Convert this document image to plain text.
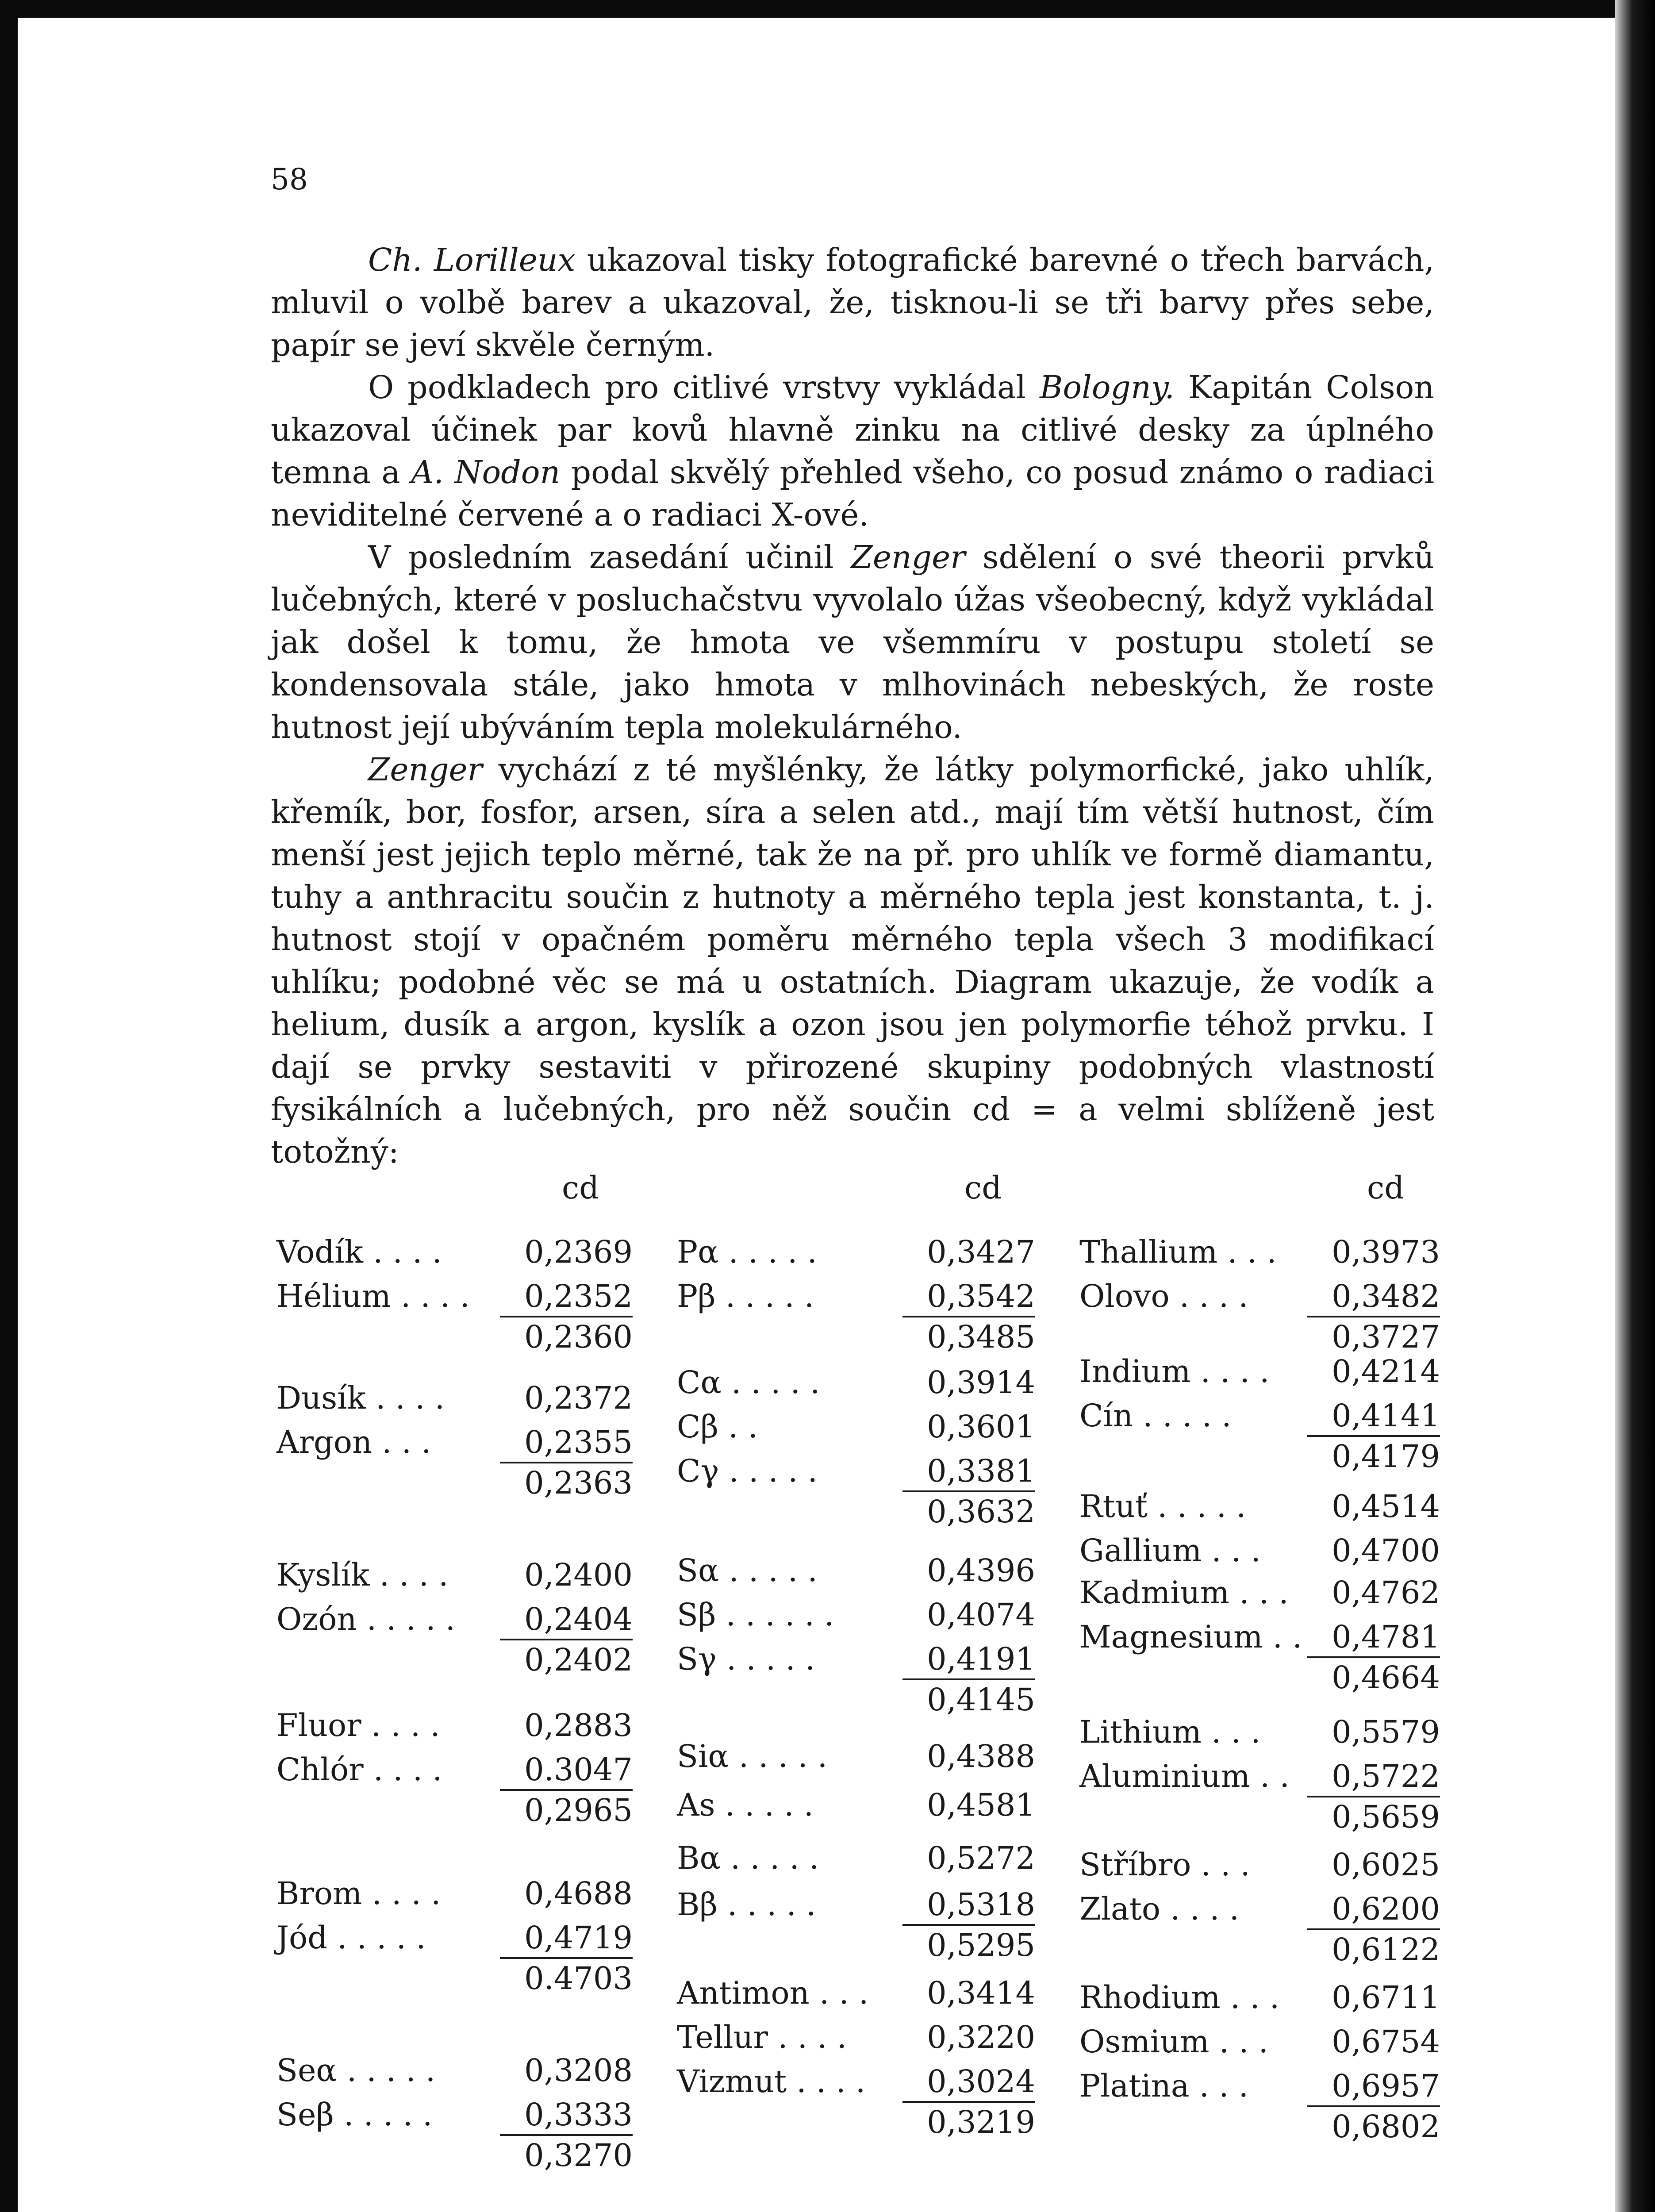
58

Ch. Lorilleux ukazoval tisky fotografické barevné o třech barvách, mluvil o volbě barev a ukazoval, že, tisknou-li se tři barvy přes sebe, papír se jeví skvěle černým.

O podkladech pro citlivé vrstvy vykládal Bologny. Kapitán Colson ukazoval účinek par kovů hlavně zinku na citlivé desky za úplného temna a A. Nodon podal skvělý přehled všeho, co posud známo o radiaci neviditelné červené a o radiaci X-ové.

V posledním zasedání učinil Zenger sdělení o své theorii prvků lučebných, které v posluchačstvu vyvolalo úžas všeobecný, když vykládal jak došel k tomu, že hmota ve všemmíru v postupu století se kondensovala stále, jako hmota v mlhovinách nebeských, že roste hutnost její ubýváním tepla molekulárného.

Zenger vychází z té myšlénky, že látky polymorfické, jako uhlík, křemík, bor, fosfor, arsen, síra a selen atd., mají tím větší hutnost, čím menší jest jejich teplo měrné, tak že na př. pro uhlík ve formě diamantu, tuhy a anthracitu součin z hutnoty a měrného tepla jest konstanta, t. j. hutnost stojí v opačném poměru měrného tepla všech 3 modifikací uhlíku; podobné věc se má u ostatních. Diagram ukazuje, že vodík a helium, dusík a argon, kyslík a ozon jsou jen polymorfie téhož prvku. I dají se prvky sestaviti v přirozené skupiny podobných vlastností fysikálních a lučebných, pro něž součin cd = a velmi sblíženě jest totožný:

cd	cd	cd
Vodík . . . .	0,2369
Hélium . . . .	0,2352
0,2360
Dusík . . . .	0,2372
Argon . . .	0,2355
0,2363
Kyslík . . . .	0,2400
Ozón . . . . .	0,2404
0,2402
Fluor . . . .	0,2883
Chlór . . . .	0.3047
0,2965
Brom . . . .	0,4688
Jód . . . . .	0,4719
0.4703
Seα . . . . .	0,3208
Seβ . . . . .	0,3333
0,3270
Pα . . . . .	0,3427
Pβ . . . . .	0,3542
0,3485
Cα . . . . .	0,3914
Cβ . .	0,3601
Cγ . . . . .	0,3381
0,3632
Sα . . . . .	0,4396
Sβ . . . . . .	0,4074
Sγ . . . . .	0,4191
0,4145
Siα . . . . .	0,4388
As . . . . .	0,4581
Bα . . . . .	0,5272
Bβ . . . . .	0,5318
0,5295
Antimon . . .	0,3414
Tellur . . . .	0,3220
Vizmut . . . .	0,3024
0,3219
Thallium . . .	0,3973
Olovo . . . .	0,3482
0,3727
Indium . . . .	0,4214
Cín . . . . .	0,4141
0,4179
Rtuť . . . . .	0,4514
Gallium . . .	0,4700
Kadmium . . .	0,4762
Magnesium . . 0,4781
0,4664
Lithium . . .	0,5579
Aluminium . .	0,5722
0,5659
Stříbro . . .	0,6025
Zlato . . . .	0,6200
0,6122
Rhodium . . .	0,6711
Osmium . . .	0,6754
Platina . . .	0,6957
0,6802
